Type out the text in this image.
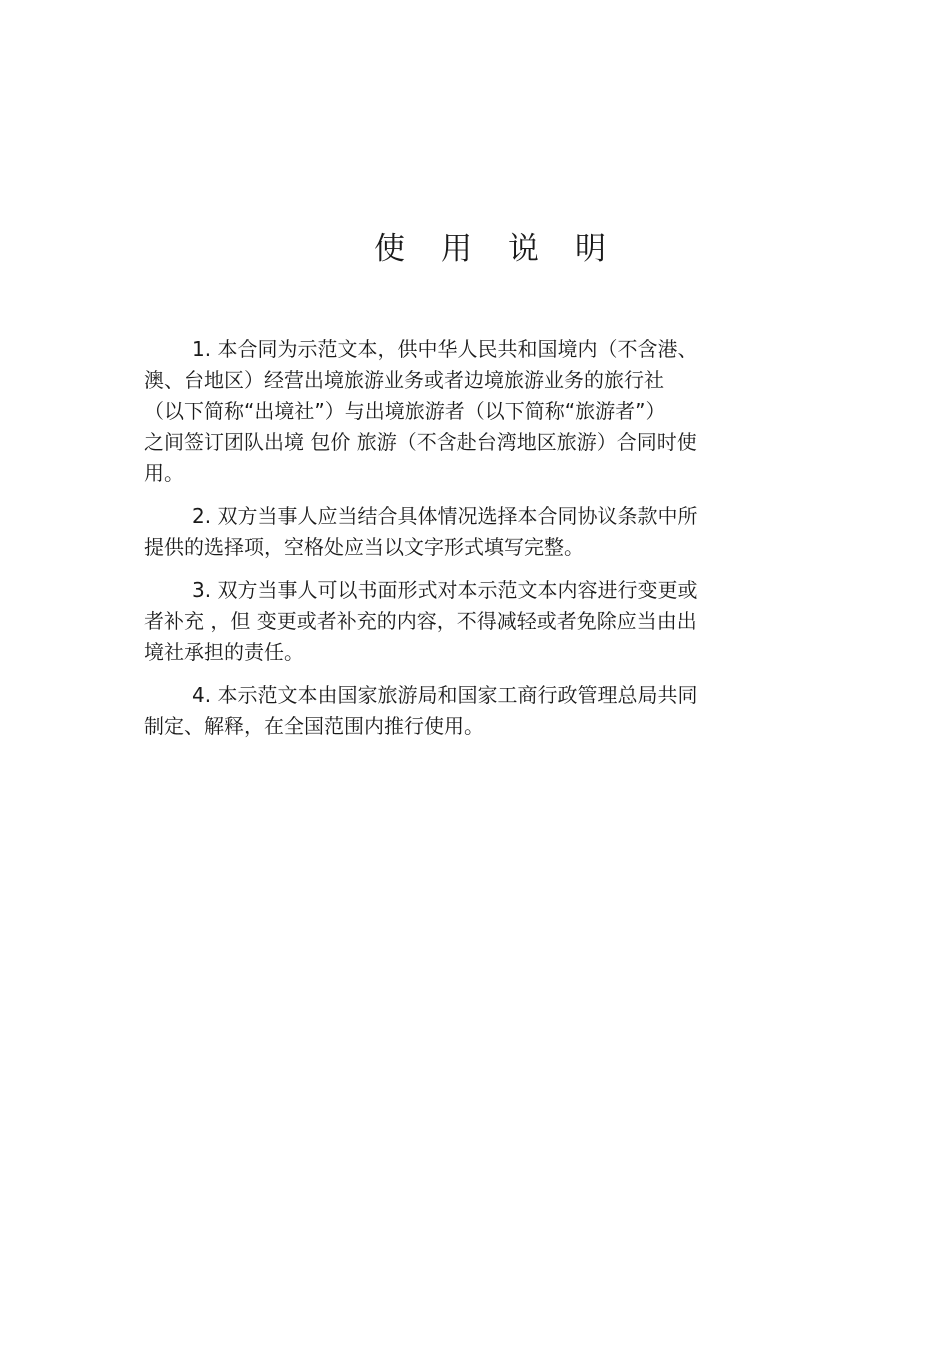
使用说明

1. 本合同为示范文本，供中华人民共和国境内（不含港、
澳、台地区）经营出境旅游业务或者边境旅游业务的旅行社
（以下简称“出境社”）与出境旅游者（以下简称“旅游者”）
之间签订团队出境 包价 旅游（不含赴台湾地区旅游）合同时使
用。

2. 双方当事人应当结合具体情况选择本合同协议条款中所
提供的选择项，空格处应当以文字形式填写完整。

3. 双方当事人可以书面形式对本示范文本内容进行变更或
者补充 ，但 变更或者补充的内容，不得减轻或者免除应当由出
境社承担的责任。

4. 本示范文本由国家旅游局和国家工商行政管理总局共同
制定、解释，在全国范围内推行使用。
